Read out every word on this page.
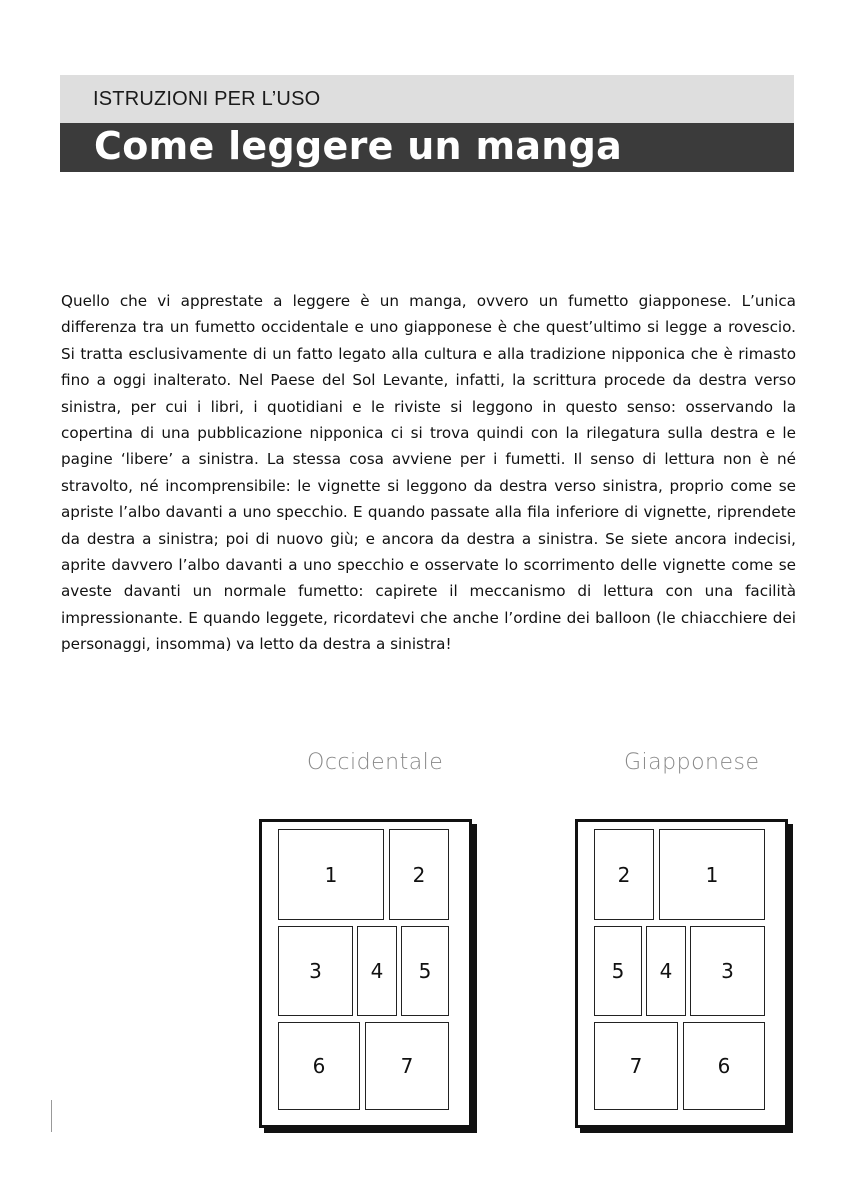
ISTRUZIONI PER L’USO
Come leggere un manga
Quello che vi apprestate a leggere è un manga, ovvero un fumetto giapponese. L’unica differenza tra un fumetto occidentale e uno giapponese è che quest’ultimo si legge a rovescio. Si tratta esclusivamente di un fatto legato alla cultura e alla tradizione nipponica che è rimasto fino a oggi inalterato. Nel Paese del Sol Levante, infatti, la scrittura procede da destra verso sinistra, per cui i libri, i quotidiani e le riviste si leggono in questo senso: osservando la copertina di una pubblicazione nipponica ci si trova quindi con la rilegatura sulla destra e le pagine ‘libere’ a sinistra. La stessa cosa avviene per i fumetti. Il senso di lettura non è né stravolto, né incomprensibile: le vignette si leggono da destra verso sinistra, proprio come se apriste l’albo davanti a uno specchio. E quando passate alla fila inferiore di vignette, riprendete da destra a sinistra; poi di nuovo giù; e ancora da destra a sinistra. Se siete ancora indecisi, aprite davvero l’albo davanti a uno specchio e osservate lo scorrimento delle vignette come se aveste davanti un normale fumetto: capirete il meccanismo di lettura con una facilità impressionante. E quando leggete, ricordatevi che anche l’ordine dei balloon (le chiacchiere dei personaggi, insomma) va letto da destra a sinistra!
Occidentale
1	2
3	4	5
6	7
Giapponese
2	1
5	4	3
7	6
